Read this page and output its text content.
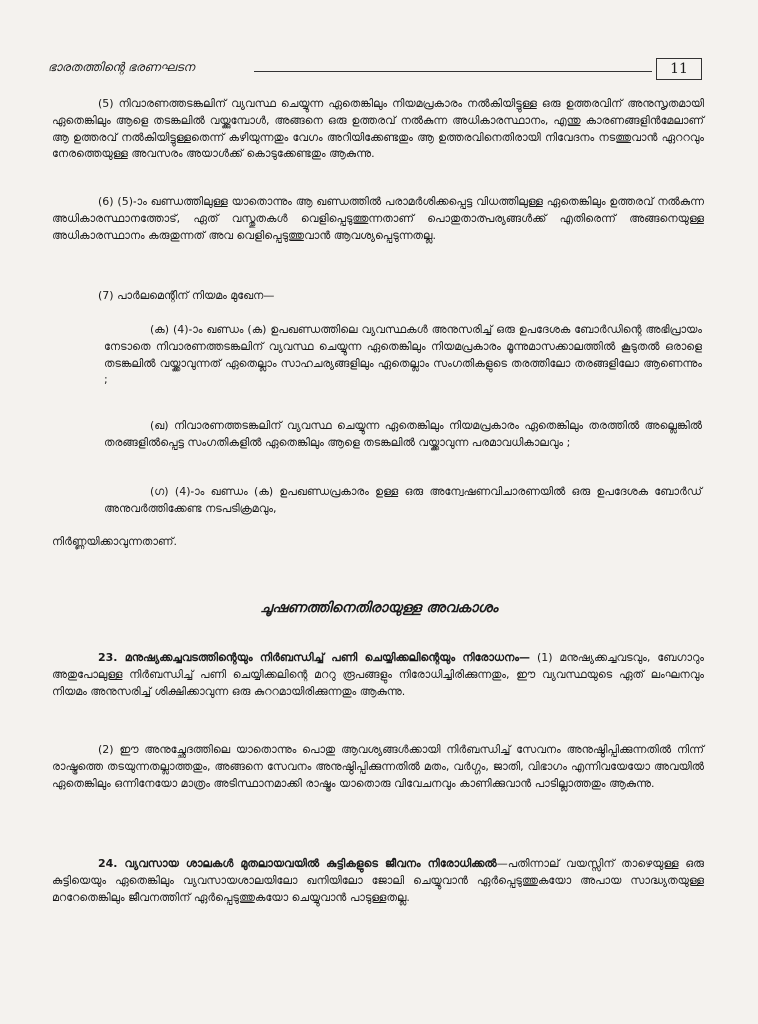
ഭാരതത്തിന്റെ ഭരണഘടന	11

(5) നിവാരണത്തടങ്കലിന് വ്യവസ്ഥ ചെയ്യുന്ന ഏതെങ്കിലും നിയമപ്രകാരം നൽകിയിട്ടുള്ള ഒരു ഉത്തരവിന് അനുസൃതമായി ഏതെങ്കിലും ആളെ തടങ്കലിൽ വയ്ക്കുമ്പോൾ, അങ്ങനെ ഒരു ഉത്തരവ് നൽകുന്ന അധികാരസ്ഥാനം, എന്തു കാരണങ്ങളിൻമേലാണ് ആ ഉത്തരവ് നൽകിയിട്ടുള്ളതെന്ന് കഴിയുന്നതും വേഗം അറിയിക്കേണ്ടതും ആ ഉത്തരവിനെതിരായി നിവേദനം നടത്തുവാൻ ഏററവും നേരത്തെയുള്ള അവസരം അയാൾക്ക് കൊടുക്കേണ്ടതും ആകുന്നു.

(6) (5)-ാം ഖണ്ഡത്തിലുള്ള യാതൊന്നും ആ ഖണ്ഡത്തിൽ പരാമർശിക്കപ്പെട്ട വിധത്തിലുള്ള ഏതെങ്കിലും ഉത്തരവ് നൽകുന്ന അധികാരസ്ഥാനത്തോട്, ഏത് വസ്തുതകൾ വെളിപ്പെടുത്തുന്നതാണ് പൊതുതാത്പര്യങ്ങൾക്ക് എതിരെന്ന് അങ്ങനെയുള്ള അധികാരസ്ഥാനം കരുതുന്നത് അവ വെളിപ്പെടുത്തുവാൻ ആവശ്യപ്പെടുന്നതല്ല.

(7) പാർലമെന്റിന് നിയമം മുഖേന—

(ക) (4)-ാം ഖണ്ഡം (ക) ഉപഖണ്ഡത്തിലെ വ്യവസ്ഥകൾ അനുസരിച്ച് ഒരു ഉപദേശക ബോർഡിന്റെ അഭിപ്രായം നേടാതെ നിവാരണത്തടങ്കലിന് വ്യവസ്ഥ ചെയ്യുന്ന ഏതെങ്കിലും നിയമപ്രകാരം മൂന്നുമാസക്കാലത്തിൽ കൂടുതൽ ഒരാളെ തടങ്കലിൽ വയ്ക്കാവുന്നത് ഏതെല്ലാം സാഹചര്യങ്ങളിലും ഏതെല്ലാം സംഗതികളുടെ തരത്തിലോ തരങ്ങളിലോ ആണെന്നും ;

(ഖ) നിവാരണത്തടങ്കലിന് വ്യവസ്ഥ ചെയ്യുന്ന ഏതെങ്കിലും നിയമപ്രകാരം ഏതെങ്കിലും തരത്തിൽ അല്ലെങ്കിൽ തരങ്ങളിൽപ്പെട്ട സംഗതികളിൽ ഏതെങ്കിലും ആളെ തടങ്കലിൽ വയ്ക്കാവുന്ന പരമാവധികാലവും ;

(ഗ) (4)-ാം ഖണ്ഡം (ക) ഉപഖണ്ഡപ്രകാരം ഉള്ള ഒരു അന്വേഷണവിചാരണയിൽ ഒരു ഉപദേശക ബോർഡ് അനുവർത്തിക്കേണ്ട നടപടിക്രമവും,

നിർണ്ണയിക്കാവുന്നതാണ്.

ചൂഷണത്തിനെതിരായുള്ള അവകാശം

23. മനുഷ്യക്കച്ചവടത്തിന്റെയും നിർബന്ധിച്ച് പണി ചെയ്യിക്കലിന്റെയും നിരോധനം— (1) മനുഷ്യക്കച്ചവടവും, ബേഗാറും അതുപോലുള്ള നിർബന്ധിച്ച് പണി ചെയ്യിക്കലിന്റെ മററു രൂപങ്ങളും നിരോധിച്ചിരിക്കുന്നതും, ഈ വ്യവസ്ഥയുടെ ഏത് ലംഘനവും നിയമം അനുസരിച്ച് ശിക്ഷിക്കാവുന്ന ഒരു കുററമായിരിക്കുന്നതും ആകുന്നു.

(2) ഈ അനുച്ഛേദത്തിലെ യാതൊന്നും പൊതു ആവശ്യങ്ങൾക്കായി നിർബന്ധിച്ച് സേവനം അനുഷ്ഠിപ്പിക്കുന്നതിൽ നിന്ന് രാഷ്ട്രത്തെ തടയുന്നതല്ലാത്തതും, അങ്ങനെ സേവനം അനുഷ്ഠിപ്പിക്കുന്നതിൽ മതം, വർഗ്ഗം, ജാതി, വിഭാഗം എന്നിവയേയോ അവയിൽ ഏതെങ്കിലും ഒന്നിനേയോ മാത്രം അടിസ്ഥാനമാക്കി രാഷ്ട്രം യാതൊരു വിവേചനവും കാണിക്കുവാൻ പാടില്ലാത്തതും ആകുന്നു.

24. വ്യവസായ ശാലകൾ മുതലായവയിൽ കുട്ടികളുടെ ജീവനം നിരോധിക്കൽ—പതിന്നാല് വയസ്സിന് താഴെയുള്ള ഒരു കുട്ടിയെയും ഏതെങ്കിലും വ്യവസായശാലയിലോ ഖനിയിലോ ജോലി ചെയ്യുവാൻ ഏർപ്പെടുത്തുകയോ അപായ സാദ്ധ്യതയുള്ള മററേതെങ്കിലും ജീവനത്തിന് ഏർപ്പെടുത്തുകയോ ചെയ്യുവാൻ പാടുള്ളതല്ല.
